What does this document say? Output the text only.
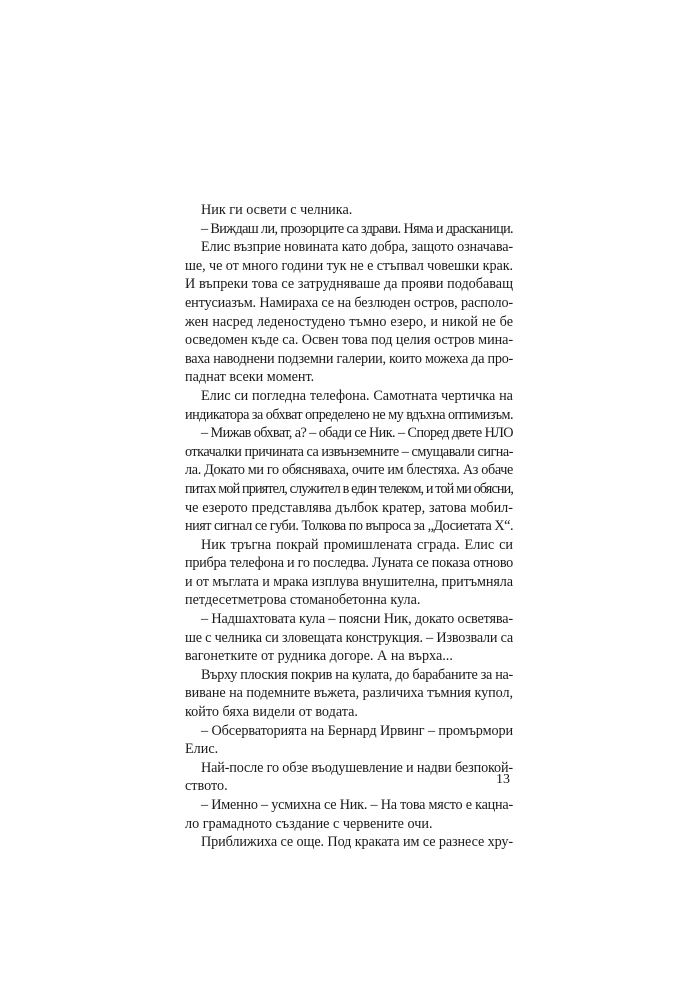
Ник ги освети с челника.
– Виждаш ли, прозорците са здрави. Няма и драсканици.
Елис възприе новината като добра, защото означава-
ше, че от много години тук не е стъпвал човешки крак.
И въпреки това се затрудняваше да прояви подобаващ
ентусиазъм. Намираха се на безлюден остров, располо-
жен насред леденостудено тъмно езеро, и никой не бе
осведомен къде са. Освен това под целия остров мина-
ваха наводнени подземни галерии, които можеха да про-
паднат всеки момент.
Елис си погледна телефона. Самотната чертичка на
индикатора за обхват определено не му вдъхна оптимизъм.
– Мижав обхват, а? – обади се Ник. – Според двете НЛО
откачалки причината са извънземните – смущавали сигна-
ла. Докато ми го обясняваха, очите им блестяха. Аз обаче
питах мой приятел, служител в един телеком, и той ми обясни,
че езерото представлява дълбок кратер, затова мобил-
ният сигнал се губи. Толкова по въпроса за „Досиетата Х“.
Ник тръгна покрай промишлената сграда. Елис си
прибра телефона и го последва. Луната се показа отново
и от мъглата и мрака изплува внушителна, притъмняла
петдесетметрова стоманобетонна кула.
– Надшахтовата кула – поясни Ник, докато осветява-
ше с челника си зловещата конструкция. – Извозвали са
вагонетките от рудника догоре. А на върха...
Върху плоския покрив на кулата, до барабаните за на-
виване на подемните въжета, различиха тъмния купол,
който бяха видели от водата.
– Обсерваторията на Бернард Ирвинг – промърмори
Елис.
Най-после го обзе въодушевление и надви безпокой-
ството.
– Именно – усмихна се Ник. – На това място е кацна-
ло грамадното създание с червените очи.
Приближиха се още. Под краката им се разнесе хру-
13
